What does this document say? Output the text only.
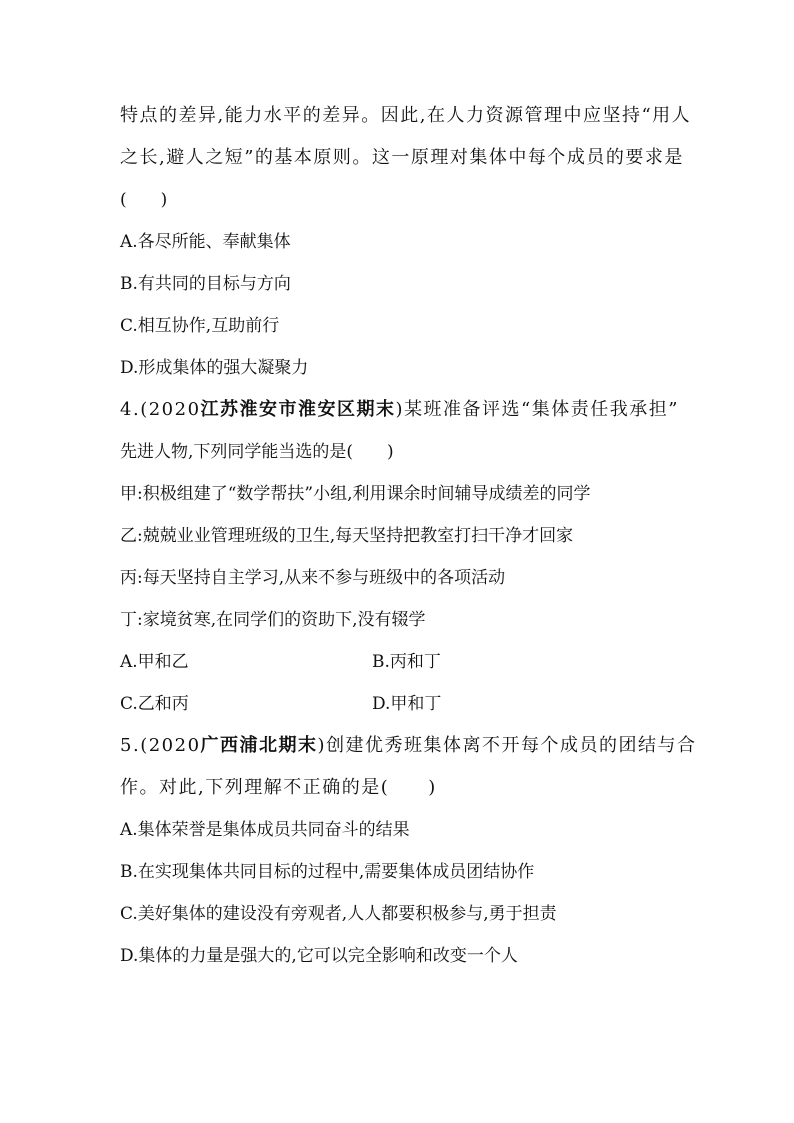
特点的差异,能力水平的差异。因此,在人力资源管理中应坚持“用人
之长,避人之短”的基本原则。这一原理对集体中每个成员的要求是
(　　)
A.各尽所能、奉献集体
B.有共同的目标与方向
C.相互协作,互助前行
D.形成集体的强大凝聚力
4.(2020江苏淮安市淮安区期末)某班准备评选“集体责任我承担”
先进人物,下列同学能当选的是(　　)
甲:积极组建了“数学帮扶”小组,利用课余时间辅导成绩差的同学
乙:兢兢业业管理班级的卫生,每天坚持把教室打扫干净才回家
丙:每天坚持自主学习,从来不参与班级中的各项活动
丁:家境贫寒,在同学们的资助下,没有辍学
A.甲和乙	B.丙和丁
C.乙和丙	D.甲和丁
5.(2020广西浦北期末)创建优秀班集体离不开每个成员的团结与合
作。对此,下列理解不正确的是(　　)
A.集体荣誉是集体成员共同奋斗的结果
B.在实现集体共同目标的过程中,需要集体成员团结协作
C.美好集体的建设没有旁观者,人人都要积极参与,勇于担责
D.集体的力量是强大的,它可以完全影响和改变一个人
